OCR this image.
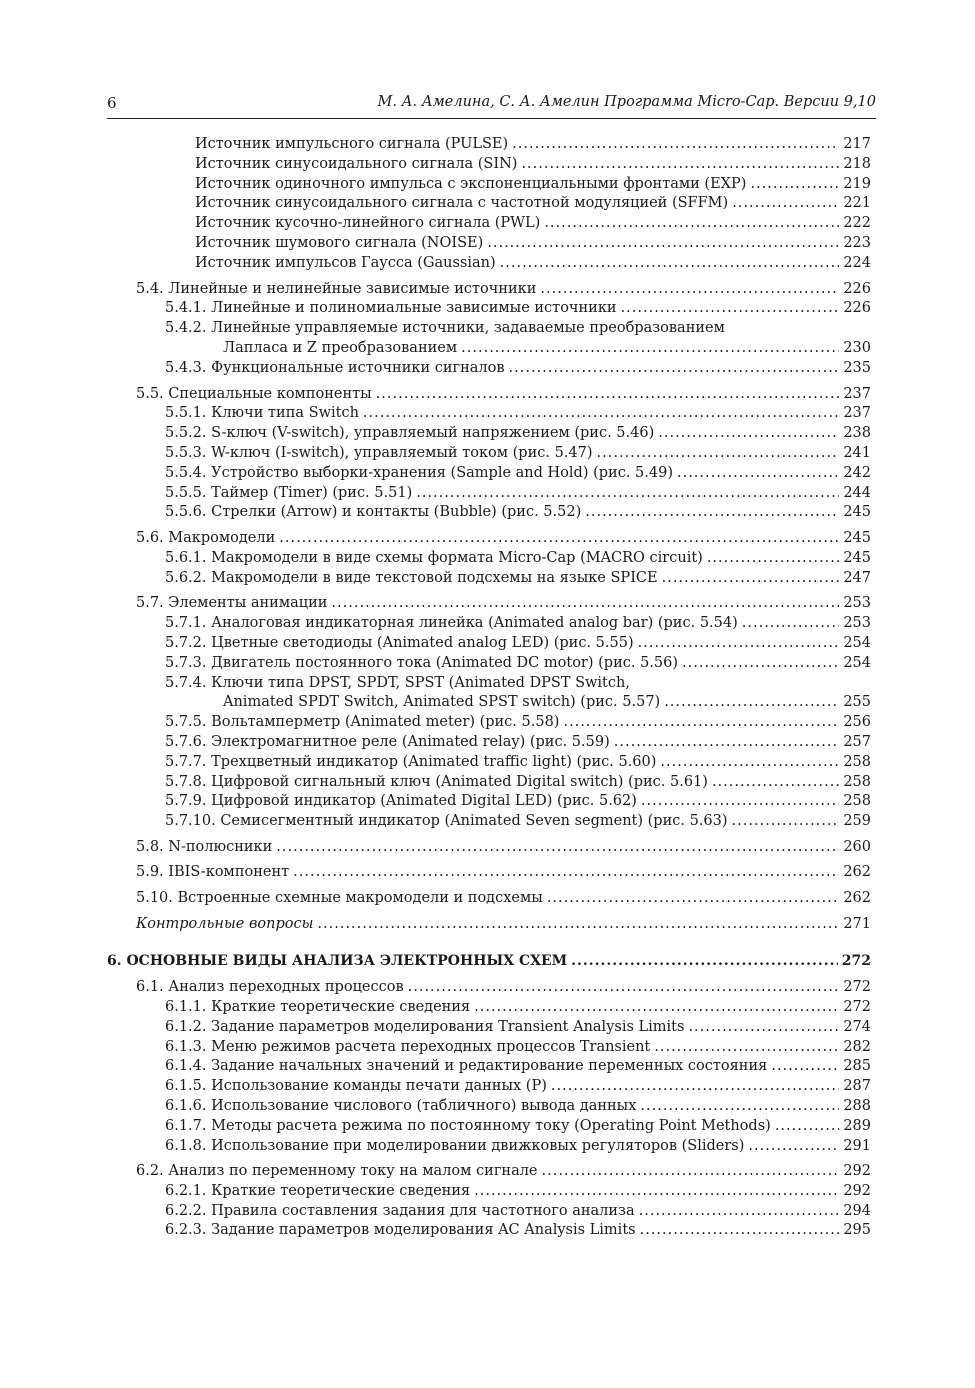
6	М. А. Амелина, С. А. Амелин Программа Micro-Cap. Версии 9,10
Источник импульсного сигнала (PULSE) .....	217
Источник синусоидального сигнала (SIN) .....	218
Источник одиночного импульса с экспоненциальными фронтами (EXP) .....	219
Источник синусоидального сигнала с частотной модуляцией (SFFM) .....	221
Источник кусочно-линейного сигнала (PWL) .....	222
Источник шумового сигнала (NOISE) .....	223
Источник импульсов Гаусса (Gaussian) .....	224
5.4. Линейные и нелинейные зависимые источники .....	226
5.4.1. Линейные и полиномиальные зависимые источники .....	226
5.4.2. Линейные управляемые источники, задаваемые преобразованием
Лапласа и Z преобразованием .....	230
5.4.3. Функциональные источники сигналов .....	235
5.5. Специальные компоненты .....	237
5.5.1. Ключи типа Switch .....	237
5.5.2. S-ключ (V-switch), управляемый напряжением (рис. 5.46) .....	238
5.5.3. W-ключ (I-switch), управляемый током (рис. 5.47) .....	241
5.5.4. Устройство выборки-хранения (Sample and Hold) (рис. 5.49) .....	242
5.5.5. Таймер (Timer) (рис. 5.51) .....	244
5.5.6. Стрелки (Arrow) и контакты (Bubble) (рис. 5.52) .....	245
5.6. Макромодели .....	245
5.6.1. Макромодели в виде схемы формата Micro-Cap (MACRO circuit) .....	245
5.6.2. Макромодели в виде текстовой подсхемы на языке SPICE .....	247
5.7. Элементы анимации .....	253
5.7.1. Аналоговая индикаторная линейка (Animated analog bar) (рис. 5.54) .....	253
5.7.2. Цветные светодиоды (Animated analog LED) (рис. 5.55) .....	254
5.7.3. Двигатель постоянного тока (Animated DC motor) (рис. 5.56) .....	254
5.7.4. Ключи типа DPST, SPDT, SPST (Animated DPST Switch,
Animated SPDT Switch, Animated SPST switch) (рис. 5.57) .....	255
5.7.5. Вольтамперметр (Animated meter) (рис. 5.58) .....	256
5.7.6. Электромагнитное реле (Animated relay) (рис. 5.59) .....	257
5.7.7. Трехцветный индикатор (Animated traffic light) (рис. 5.60) .....	258
5.7.8. Цифровой сигнальный ключ (Animated Digital switch) (рис. 5.61) .....	258
5.7.9. Цифровой индикатор (Animated Digital LED) (рис. 5.62) .....	258
5.7.10. Семисегментный индикатор (Animated Seven segment) (рис. 5.63) .....	259
5.8. N-полюсники .....	260
5.9. IBIS-компонент .....	262
5.10. Встроенные схемные макромодели и подсхемы .....	262
Контрольные вопросы .....	271
6. ОСНОВНЫЕ ВИДЫ АНАЛИЗА ЭЛЕКТРОННЫХ СХЕМ .....	272
6.1. Анализ переходных процессов .....	272
6.1.1. Краткие теоретические сведения .....	272
6.1.2. Задание параметров моделирования Transient Analysis Limits .....	274
6.1.3. Меню режимов расчета переходных процессов Transient .....	282
6.1.4. Задание начальных значений и редактирование переменных состояния .....	285
6.1.5. Использование команды печати данных (P) .....	287
6.1.6. Использование числового (табличного) вывода данных .....	288
6.1.7. Методы расчета режима по постоянному току (Operating Point Methods) .....	289
6.1.8. Использование при моделировании движковых регуляторов (Sliders) .....	291
6.2. Анализ по переменному току на малом сигнале .....	292
6.2.1. Краткие теоретические сведения .....	292
6.2.2. Правила составления задания для частотного анализа .....	294
6.2.3. Задание параметров моделирования AC Analysis Limits .....	295
